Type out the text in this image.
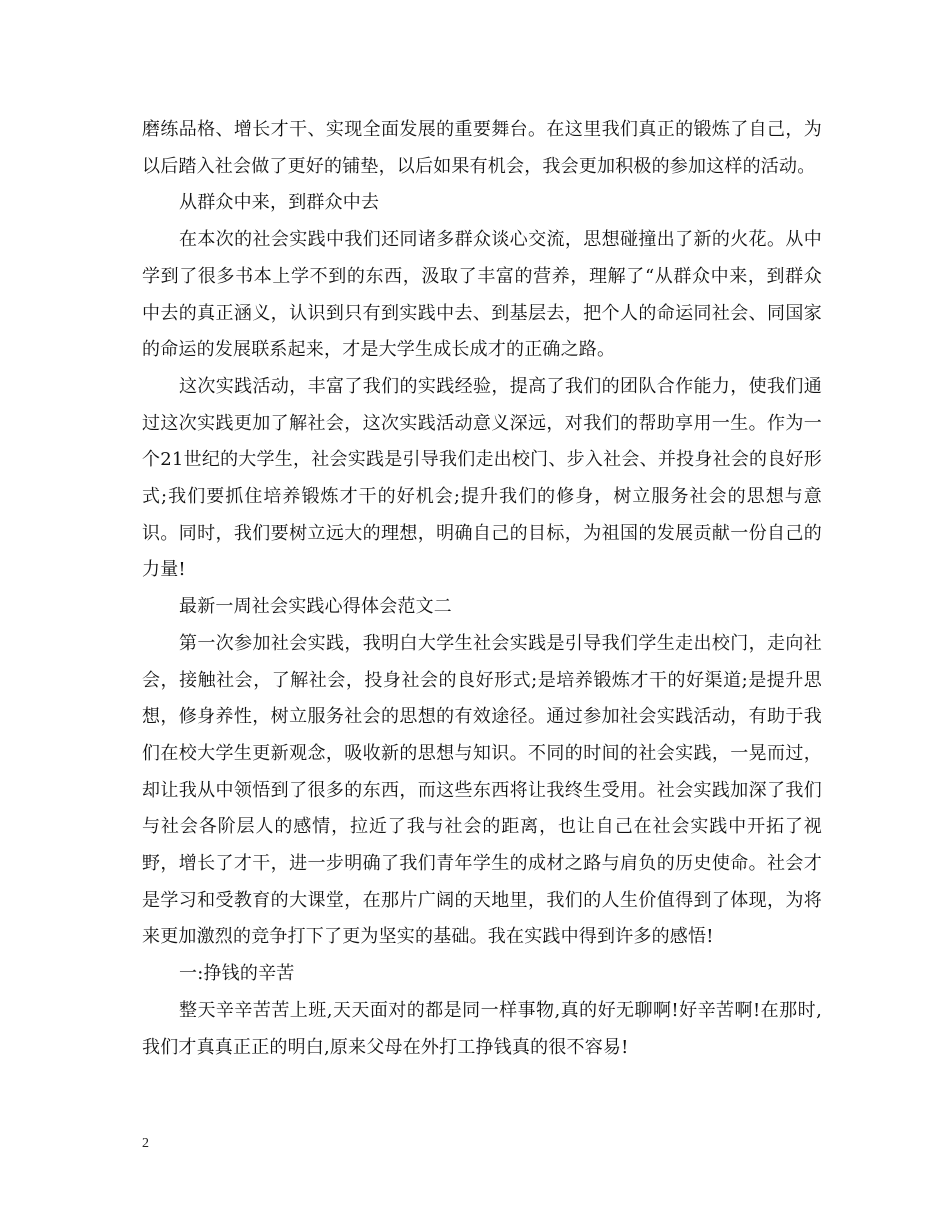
磨练品格、增长才干、实现全面发展的重要舞台。在这里我们真正的锻炼了自己，为以后踏入社会做了更好的铺垫，以后如果有机会，我会更加积极的参加这样的活动。

从群众中来，到群众中去

在本次的社会实践中我们还同诸多群众谈心交流，思想碰撞出了新的火花。从中学到了很多书本上学不到的东西，汲取了丰富的营养，理解了“从群众中来，到群众中去的真正涵义，认识到只有到实践中去、到基层去，把个人的命运同社会、同国家的命运的发展联系起来，才是大学生成长成才的正确之路。

这次实践活动，丰富了我们的实践经验，提高了我们的团队合作能力，使我们通过这次实践更加了解社会，这次实践活动意义深远，对我们的帮助享用一生。作为一个21世纪的大学生，社会实践是引导我们走出校门、步入社会、并投身社会的良好形式;我们要抓住培养锻炼才干的好机会;提升我们的修身，树立服务社会的思想与意识。同时，我们要树立远大的理想，明确自己的目标，为祖国的发展贡献一份自己的力量!

最新一周社会实践心得体会范文二

第一次参加社会实践，我明白大学生社会实践是引导我们学生走出校门，走向社会，接触社会，了解社会，投身社会的良好形式;是培养锻炼才干的好渠道;是提升思想，修身养性，树立服务社会的思想的有效途径。通过参加社会实践活动，有助于我们在校大学生更新观念，吸收新的思想与知识。不同的时间的社会实践，一晃而过，却让我从中领悟到了很多的东西，而这些东西将让我终生受用。社会实践加深了我们与社会各阶层人的感情，拉近了我与社会的距离，也让自己在社会实践中开拓了视野，增长了才干，进一步明确了我们青年学生的成材之路与肩负的历史使命。社会才是学习和受教育的大课堂，在那片广阔的天地里，我们的人生价值得到了体现，为将来更加激烈的竞争打下了更为坚实的基础。我在实践中得到许多的感悟!

一:挣钱的辛苦

整天辛辛苦苦上班,天天面对的都是同一样事物,真的好无聊啊!好辛苦啊!在那时,我们才真真正正的明白,原来父母在外打工挣钱真的很不容易!

2
